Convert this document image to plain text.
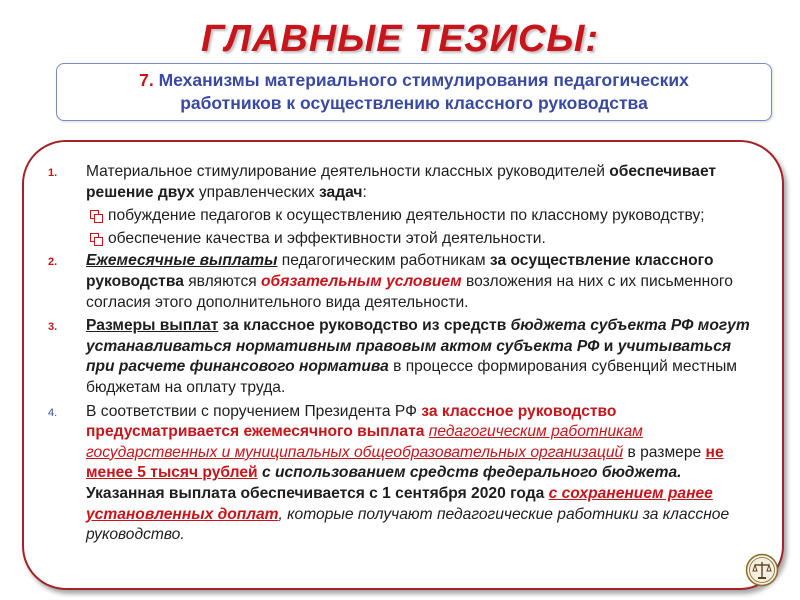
ГЛАВНЫЕ ТЕЗИСЫ:
7. Механизмы материального стимулирования педагогических
работников к осуществлению классного руководства
1. Материальное стимулирование деятельности классных руководителей обеспечивает решение двух управленческих задач:
побуждение педагогов к осуществлению деятельности по классному руководству;
обеспечение качества и эффективности этой деятельности.
2. Ежемесячные выплаты педагогическим работникам за осуществление классного руководства являются обязательным условием возложения на них с их письменного согласия этого дополнительного вида деятельности.
3. Размеры выплат за классное руководство из средств бюджета субъекта РФ могут устанавливаться нормативным правовым актом субъекта РФ и учитываться при расчете финансового норматива в процессе формирования субвенций местным бюджетам на оплату труда.
4. В соответствии с поручением Президента РФ за классное руководство предусматривается ежемесячного выплата педагогическим работникам государственных и муниципальных общеобразовательных организаций в размере не менее 5 тысяч рублей с использованием средств федерального бюджета. Указанная выплата обеспечивается с 1 сентября 2020 года с сохранением ранее установленных доплат, которые получают педагогические работники за классное руководство.
